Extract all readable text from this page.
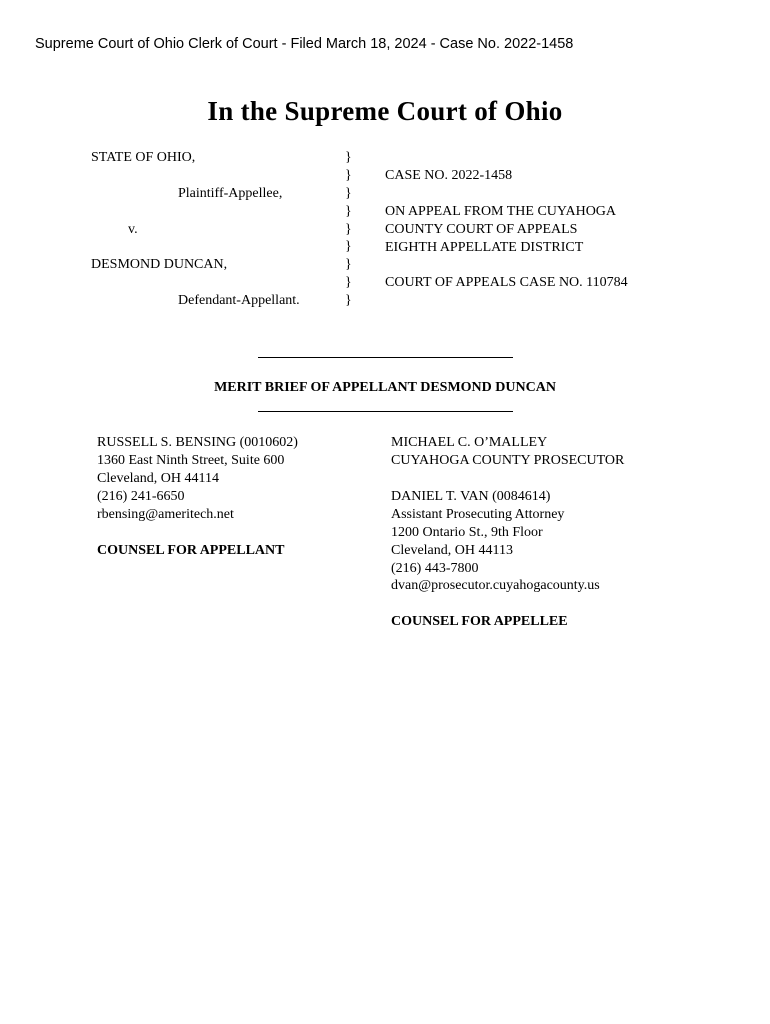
Supreme Court of Ohio Clerk of Court - Filed March 18, 2024 - Case No. 2022-1458
In the Supreme Court of Ohio
STATE OF OHIO,
Plaintiff-Appellee,
v.
DESMOND DUNCAN,
Defendant-Appellant.
}
}
}
}
}
}
}
}
}
CASE NO. 2022-1458
ON APPEAL FROM THE CUYAHOGA
COUNTY COURT OF APPEALS
EIGHTH APPELLATE DISTRICT
COURT OF APPEALS CASE NO. 110784
MERIT BRIEF OF APPELLANT DESMOND DUNCAN
RUSSELL S. BENSING (0010602)
1360 East Ninth Street, Suite 600
Cleveland, OH 44114
(216) 241-6650
rbensing@ameritech.net
COUNSEL FOR APPELLANT
MICHAEL C. O’MALLEY
CUYAHOGA COUNTY PROSECUTOR
DANIEL T. VAN (0084614)
Assistant Prosecuting Attorney
1200 Ontario St., 9th Floor
Cleveland, OH 44113
(216) 443-7800
dvan@prosecutor.cuyahogacounty.us
COUNSEL FOR APPELLEE
